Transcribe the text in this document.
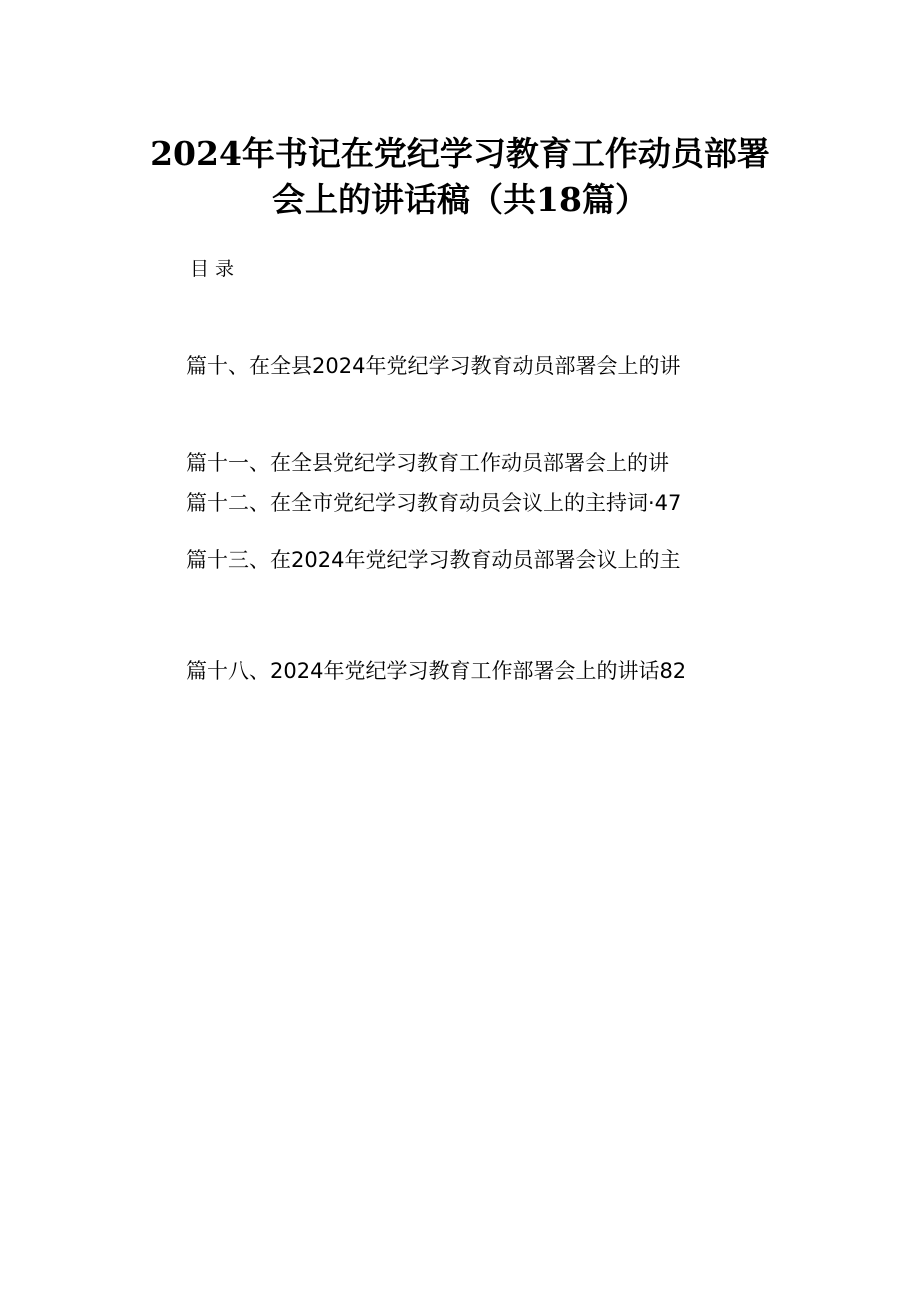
2024年书记在党纪学习教育工作动员部署
会上的讲话稿（共18篇）
目录
篇十、在全县2024年党纪学习教育动员部署会上的讲
篇十一、在全县党纪学习教育工作动员部署会上的讲
篇十二、在全市党纪学习教育动员会议上的主持词·47
篇十三、在2024年党纪学习教育动员部署会议上的主
篇十八、2024年党纪学习教育工作部署会上的讲话82
